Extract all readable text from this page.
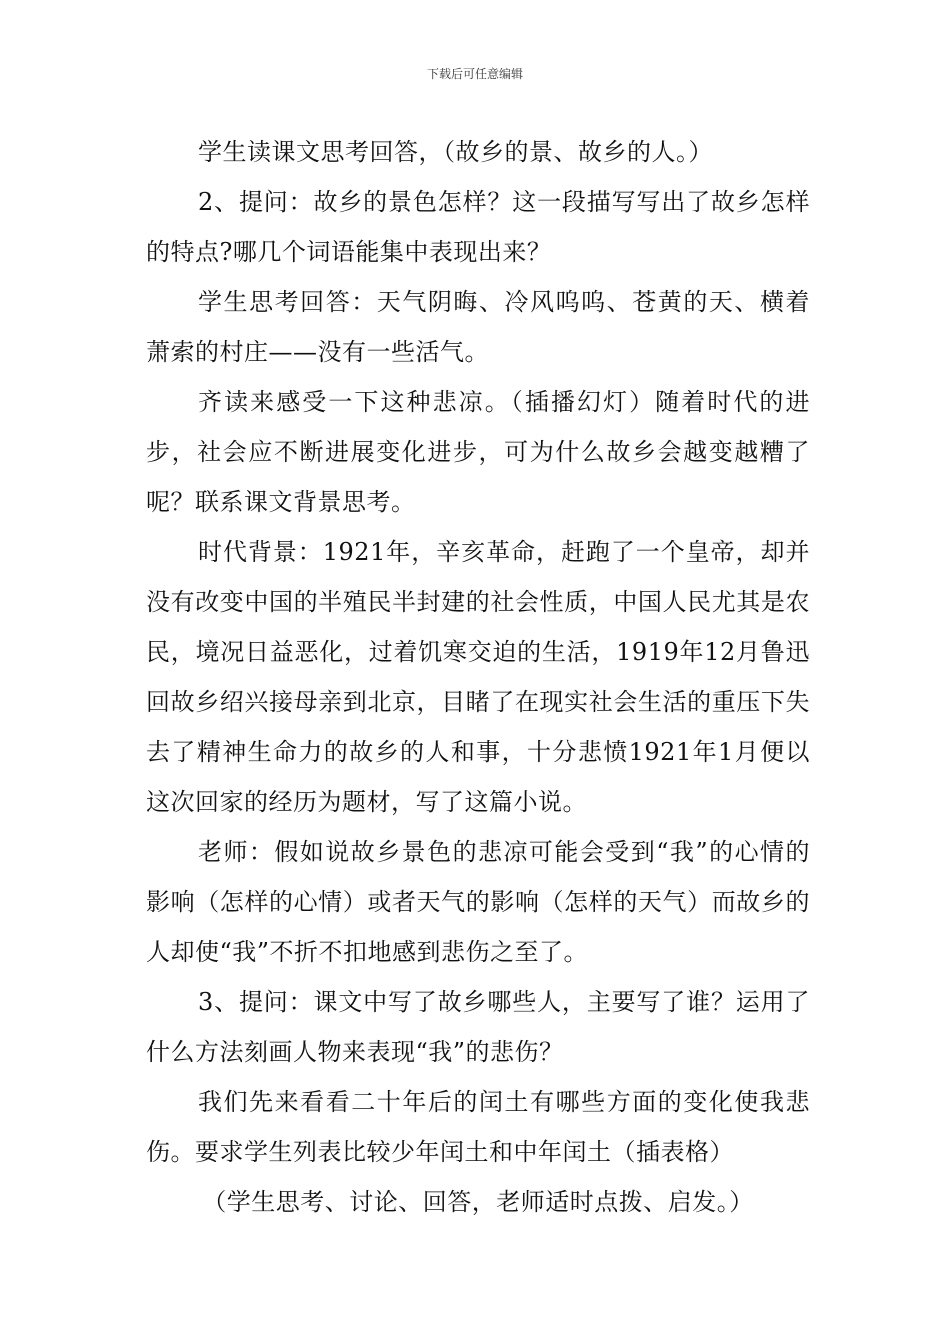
下载后可任意编辑

学生读课文思考回答，（故乡的景、故乡的人。）

2、提问：故乡的景色怎样？这一段描写写出了故乡怎样的特点?哪几个词语能集中表现出来？

学生思考回答：天气阴晦、冷风呜呜、苍黄的天、横着萧索的村庄——没有一些活气。

齐读来感受一下这种悲凉。（插播幻灯）随着时代的进步，社会应不断进展变化进步，可为什么故乡会越变越糟了呢？联系课文背景思考。

时代背景：1921年，辛亥革命，赶跑了一个皇帝，却并没有改变中国的半殖民半封建的社会性质，中国人民尤其是农民，境况日益恶化，过着饥寒交迫的生活，1919年12月鲁迅回故乡绍兴接母亲到北京，目睹了在现实社会生活的重压下失去了精神生命力的故乡的人和事，十分悲愤1921年1月便以这次回家的经历为题材，写了这篇小说。

老师：假如说故乡景色的悲凉可能会受到“我”的心情的影响（怎样的心情）或者天气的影响（怎样的天气）而故乡的人却使“我”不折不扣地感到悲伤之至了。

3、提问：课文中写了故乡哪些人，主要写了谁？运用了什么方法刻画人物来表现“我”的悲伤？

我们先来看看二十年后的闰土有哪些方面的变化使我悲伤。要求学生列表比较少年闰土和中年闰土（插表格）

（学生思考、讨论、回答，老师适时点拨、启发。）
